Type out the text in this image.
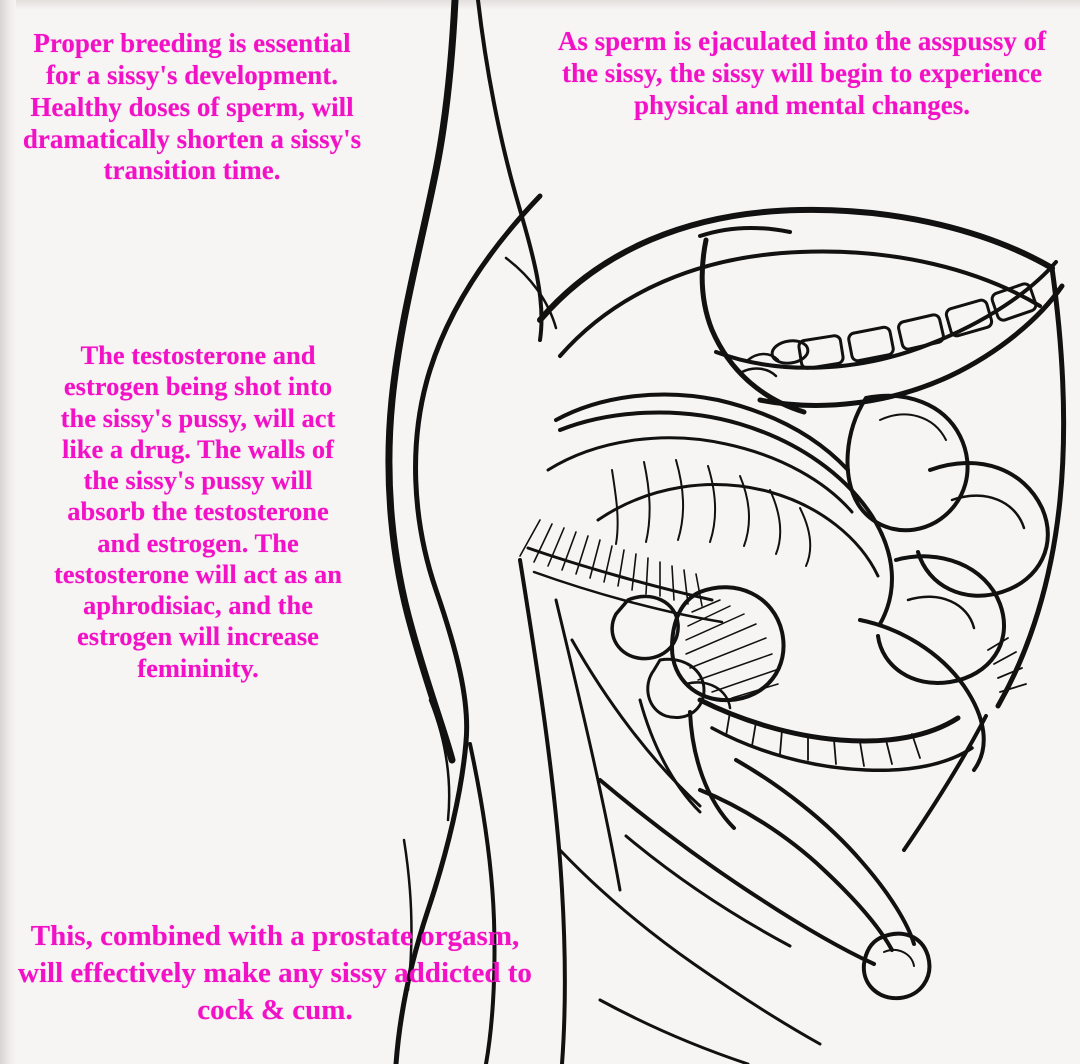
Proper breeding is essential for a sissy's development. Healthy doses of sperm, will dramatically shorten a sissy's transition time.
As sperm is ejaculated into the asspussy of the sissy, the sissy will begin to experience physical and mental changes.
The testosterone and estrogen being shot into the sissy's pussy, will act like a drug. The walls of the sissy's pussy will absorb the testosterone and estrogen. The testosterone will act as an aphrodisiac, and the estrogen will increase femininity.
This, combined with a prostate orgasm, will effectively make any sissy addicted to cock & cum.
